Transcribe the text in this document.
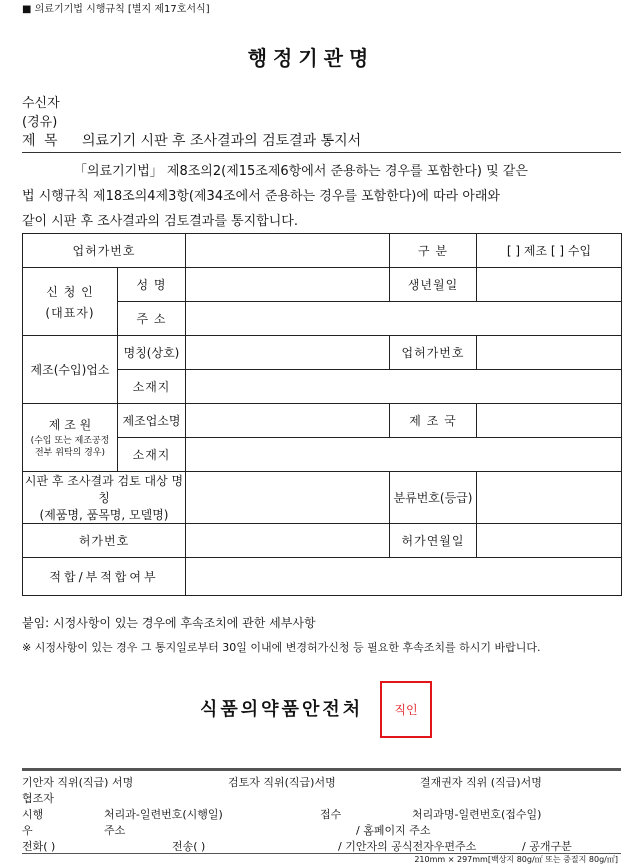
■ 의료기기법 시행규칙 [별지 제17호서식]
행정기관명
수신자
(경유)
제 목 의료기기 시판 후 조사결과의 검토결과 통지서
「의료기기법」 제8조의2(제15조제6항에서 준용하는 경우를 포함한다) 및 같은
법 시행규칙 제18조의4제3항(제34조에서 준용하는 경우를 포함한다)에 따라 아래와
같이 시판 후 조사결과의 검토결과를 통지합니다.
업허가번호			구 분	[ ] 제조 [ ] 수입

신 청 인
(대표자)	성 명		생년월일	
	주 소			
제조(수입)업소	명칭(상호)		업허가번호	
	소재지			

제 조 원
(수입 또는 제조공정 전부 위탁의 경우)	제조업소명		제 조 국	
	소재지			

시판 후 조사결과 검토 대상 명칭
(제품명, 품목명, 모델명)			분류번호(등급)	
허가번호			허가연월일	
적합/부적합여부				
붙임: 시정사항이 있는 경우에 후속조치에 관한 세부사항
※ 시정사항이 있는 경우 그 통지일로부터 30일 이내에 변경허가신청 등 필요한 후속조치를 하시기 바랍니다.
식품의약품안전처	직인
기안자 직위(직급) 서명	검토자 직위(직급)서명	결재권자 직위 (직급)서명
협조자
시행	처리과-일련번호(시행일)	접수	처리과명-일련번호(접수일)
우	주소	/ 홈페이지 주소
전화( )	전송( )	/ 기안자의 공식전자우편주소	/ 공개구분
210mm × 297mm[백상지 80g/㎡ 또는 중질지 80g/㎡]
